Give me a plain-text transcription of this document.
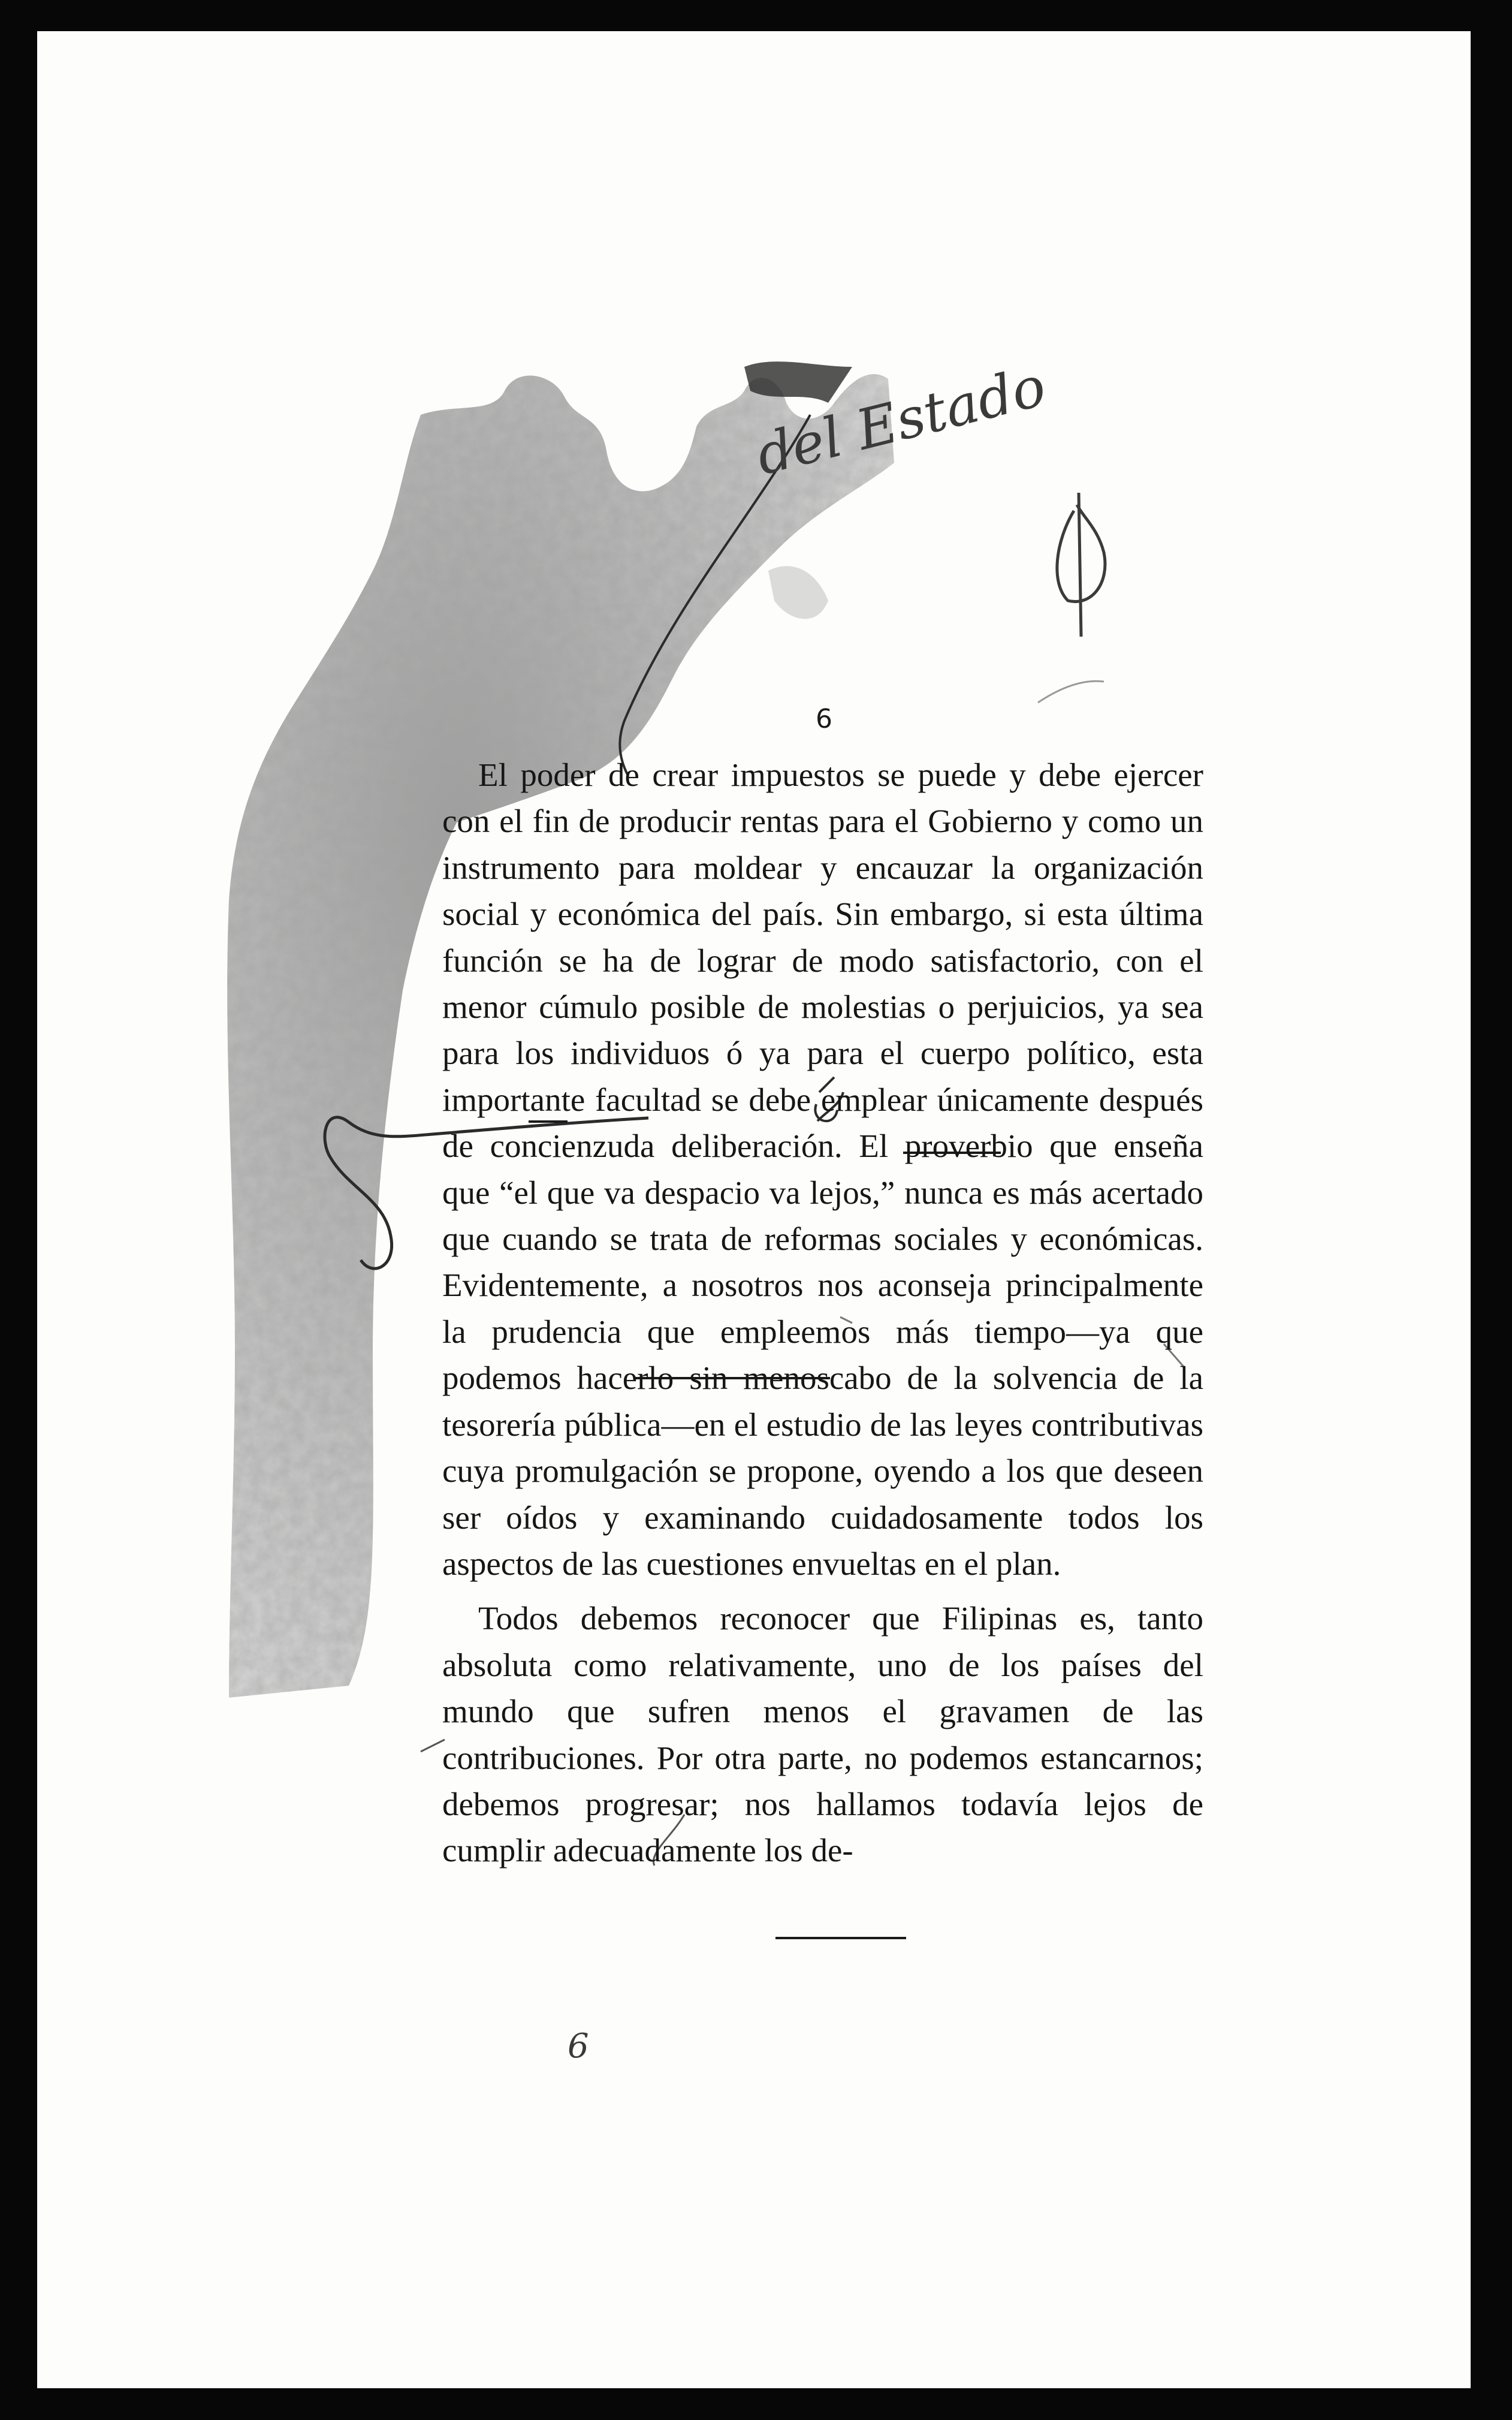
del Estado
6
6

El poder de crear impuestos se puede y debe ejercer con el fin de producir rentas para el Gobierno y como un instrumento para moldear y encauzar la organización social y económica del país. Sin embargo, si esta última función se ha de lograr de modo satisfactorio, con el menor cúmulo posible de molestias o perjuicios, ya sea para los individuos ó ya para el cuerpo político, esta importante facultad se debe emplear únicamente después de concienzuda deliberación. El proverbio que enseña que “el que va despacio va lejos,” nunca es más acertado que cuando se trata de reformas sociales y económicas. Evidentemente, a nosotros nos aconseja principalmente la prudencia que empleemos más tiempo—ya que podemos hacerlo sin menoscabo de la solvencia de la tesorería pública—en el estudio de las leyes contributivas cuya promulgación se propone, oyendo a los que deseen ser oídos y examinando cuidadosamente todos los aspectos de las cuestiones envueltas en el plan.

Todos debemos reconocer que Filipinas es, tanto absoluta como relativamente, uno de los países del mundo que sufren menos el gravamen de las contribuciones. Por otra parte, no podemos estancarnos; debemos progresar; nos hallamos todavía lejos de cumplir adecuadamente los de-
